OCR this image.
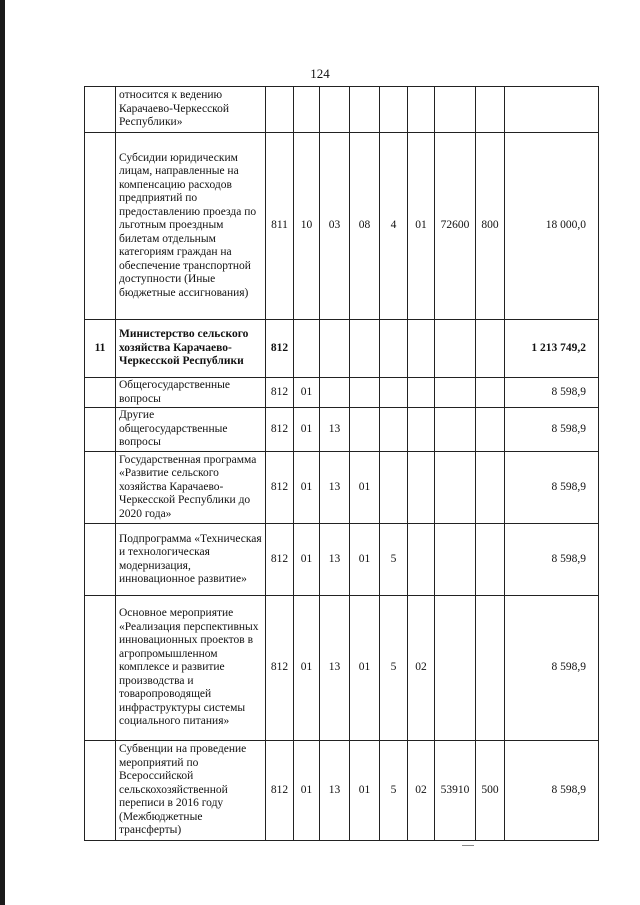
124
	относится к ведению Карачаево-Черкесской Республики»									
	Субсидии юридическим лицам, направленные на компенсацию расходов предприятий по предоставлению проезда по льготным проездным билетам отдельным категориям граждан на обеспечение транспортной доступности (Иные бюджетные ассигнования)	811	10	03	08	4	01	72600	800	18 000,0
11	Министерство сельского хозяйства Карачаево-Черкесской Республики	812								1 213 749,2
	Общегосударственные вопросы	812	01							8 598,9
	Другие общегосударственные вопросы	812	01	13						8 598,9
	Государственная программа «Развитие сельского хозяйства Карачаево-Черкесской Республики до 2020 года»	812	01	13	01					8 598,9
	Подпрограмма «Техническая и технологическая модернизация, инновационное развитие»	812	01	13	01	5				8 598,9
	Основное мероприятие «Реализация перспективных инновационных проектов в агропромышленном комплексе и развитие производства и товаропроводящей инфраструктуры системы социального питания»	812	01	13	01	5	02			8 598,9
	Субвенции на проведение мероприятий по Всероссийской сельскохозяйственной переписи в 2016 году (Межбюджетные трансферты)	812	01	13	01	5	02	53910	500	8 598,9
